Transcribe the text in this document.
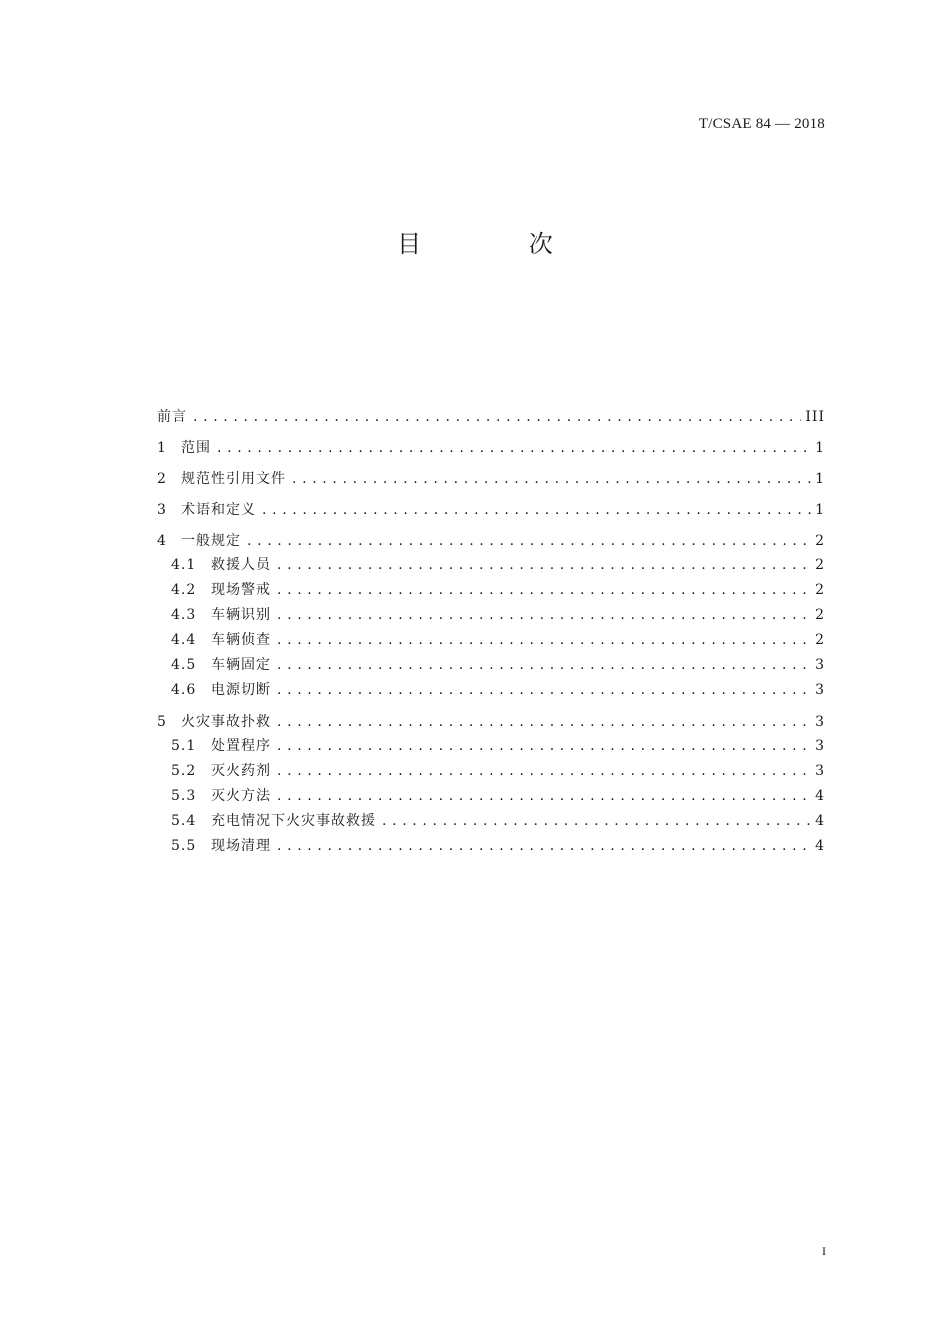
T/CSAE 84 — 2018
目 次
前言 . . .	III
1	范围 . . .	1
2	规范性引用文件 . . .	1
3	术语和定义 . . .	1
4	一般规定 . . .	2
4.1	救援人员 . . .	2
4.2	现场警戒 . . .	2
4.3	车辆识别 . . .	2
4.4	车辆侦查 . . .	2
4.5	车辆固定 . . .	3
4.6	电源切断 . . .	3
5	火灾事故扑救 . . .	3
5.1	处置程序 . . .	3
5.2	灭火药剂 . . .	3
5.3	灭火方法 . . .	4
5.4	充电情况下火灾事故救援 . . .	4
5.5	现场清理 . . .	4
I
